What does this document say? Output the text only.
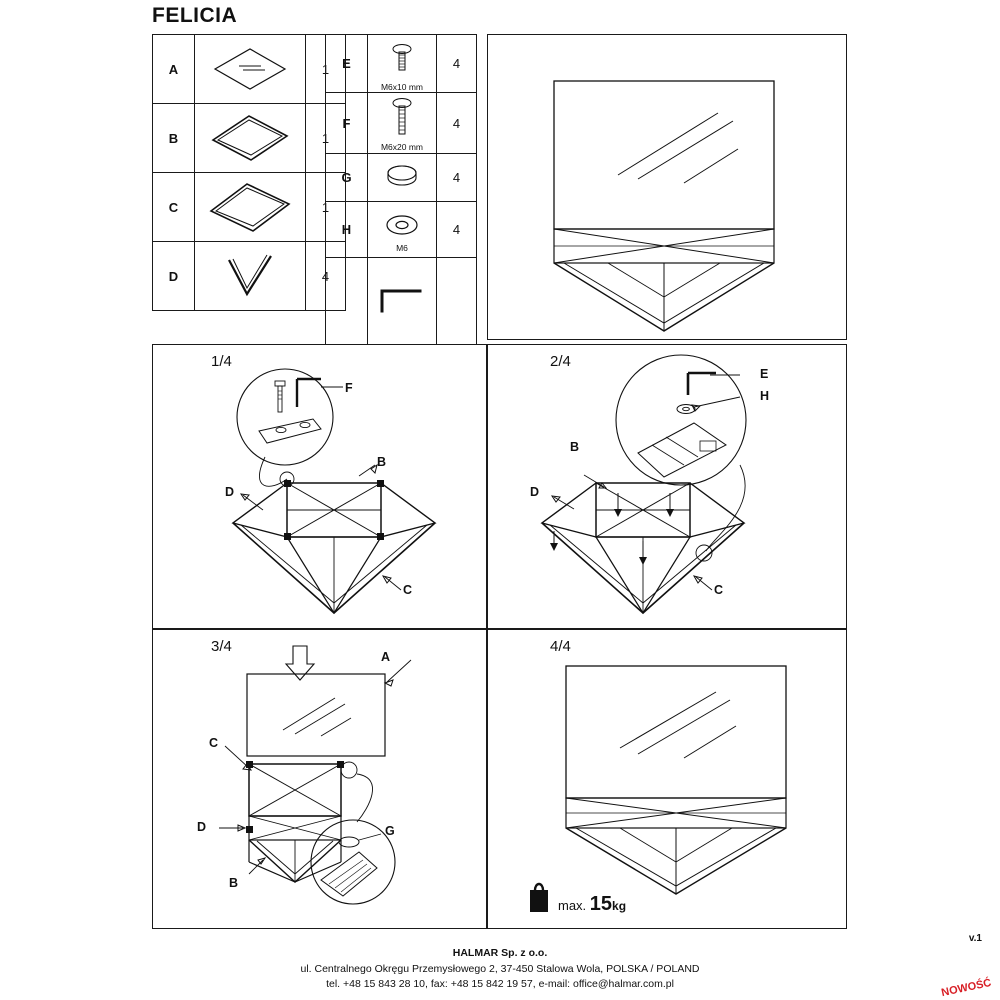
FELICIA
A		1
B		1
C		1
D		4
E	M6x10 mm	4
F	M6x20 mm	4
G		4
H	M6	4

1/4
F
B
D
C
2/4
E
H
B
D
C
3/4
A
C
D
B
G
4/4
max. 15kg
v.1
HALMAR Sp. z o.o.
ul. Centralnego Okręgu Przemysłowego 2, 37-450 Stalowa Wola, POLSKA / POLAND
tel. +48 15 843 28 10, fax: +48 15 842 19 57, e-mail: office@halmar.com.pl	NOWOŚĆ
